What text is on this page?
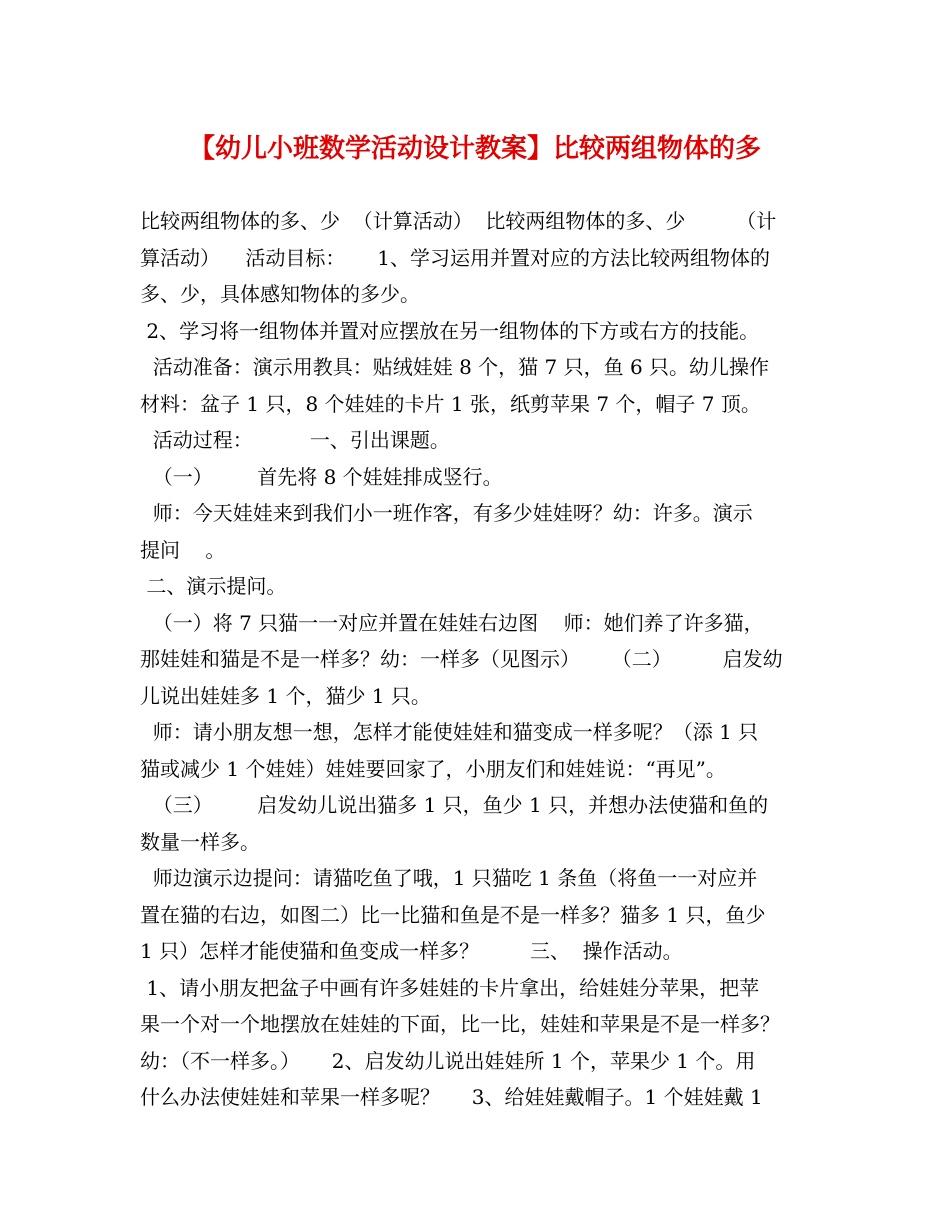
【幼儿小班数学活动设计教案】比较两组物体的多
比较两组物体的多、少  （计算活动）  比较两组物体的多、少        （计
算活动）    活动目标：     1、学习运用并置对应的方法比较两组物体的
多、少，具体感知物体的多少。
2、学习将一组物体并置对应摆放在另一组物体的下方或右方的技能。
活动准备：演示用教具：贴绒娃娃 8 个，猫 7 只，鱼 6 只。幼儿操作
材料：盆子 1 只，8 个娃娃的卡片 1 张，纸剪苹果 7 个，帽子 7 顶。
活动过程：         一、引出课题。
（一）       首先将 8 个娃娃排成竖行。
师：今天娃娃来到我们小一班作客，有多少娃娃呀？幼：许多。演示
提问    。
二、演示提问。
（一）将 7 只猫一一对应并置在娃娃右边图    师：她们养了许多猫，
那娃娃和猫是不是一样多？幼：一样多（见图示）     （二）        启发幼
儿说出娃娃多 1 个，猫少 1 只。
师：请小朋友想一想，怎样才能使娃娃和猫变成一样多呢？（添 1 只
猫或减少 1 个娃娃）娃娃要回家了，小朋友们和娃娃说：“再见”。
（三）       启发幼儿说出猫多 1 只，鱼少 1 只，并想办法使猫和鱼的
数量一样多。
师边演示边提问：请猫吃鱼了哦，1 只猫吃 1 条鱼（将鱼一一对应并
置在猫的右边，如图二）比一比猫和鱼是不是一样多？猫多 1 只，鱼少
1 只）怎样才能使猫和鱼变成一样多？        三、  操作活动。
1、请小朋友把盆子中画有许多娃娃的卡片拿出，给娃娃分苹果，把苹
果一个对一个地摆放在娃娃的下面，比一比，娃娃和苹果是不是一样多？
幼：（不一样多。）     2、启发幼儿说出娃娃所 1 个，苹果少 1 个。用
什么办法使娃娃和苹果一样多呢？     3、给娃娃戴帽子。1 个娃娃戴 1
